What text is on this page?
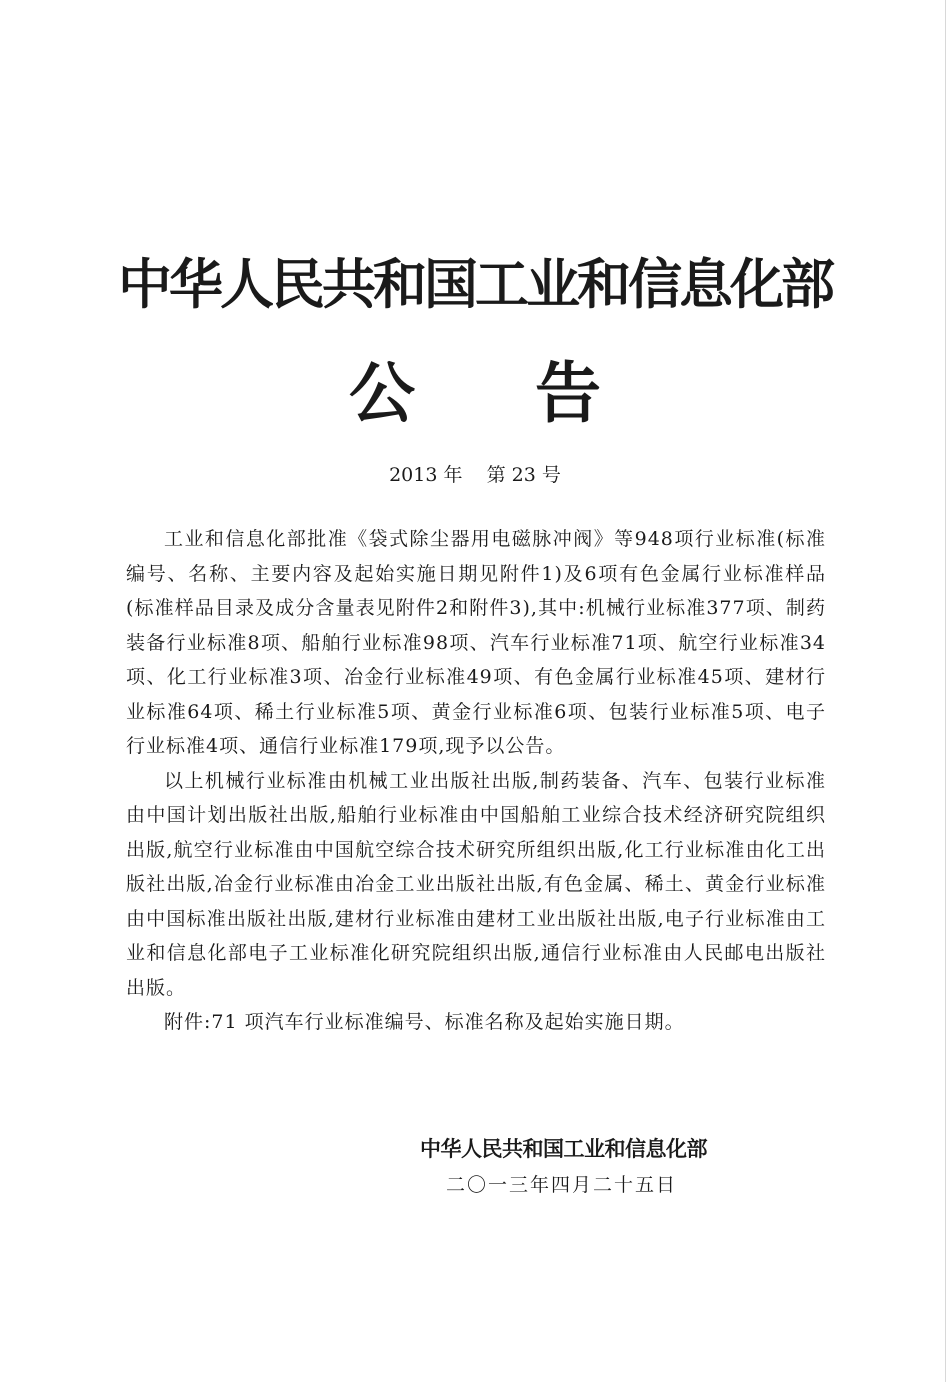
中华人民共和国工业和信息化部
公 告
2013 年    第 23 号

工业和信息化部批准《袋式除尘器用电磁脉冲阀》等948项行业标准(标准编号、名称、主要内容及起始实施日期见附件1)及6项有色金属行业标准样品(标准样品目录及成分含量表见附件2和附件3),其中:机械行业标准377项、制药装备行业标准8项、船舶行业标准98项、汽车行业标准71项、航空行业标准34项、化工行业标准3项、冶金行业标准49项、有色金属行业标准45项、建材行业标准64项、稀土行业标准5项、黄金行业标准6项、包装行业标准5项、电子行业标准4项、通信行业标准179项,现予以公告。

以上机械行业标准由机械工业出版社出版,制药装备、汽车、包装行业标准由中国计划出版社出版,船舶行业标准由中国船舶工业综合技术经济研究院组织出版,航空行业标准由中国航空综合技术研究所组织出版,化工行业标准由化工出版社出版,冶金行业标准由冶金工业出版社出版,有色金属、稀土、黄金行业标准由中国标准出版社出版,建材行业标准由建材工业出版社出版,电子行业标准由工业和信息化部电子工业标准化研究院组织出版,通信行业标准由人民邮电出版社出版。

附件:71 项汽车行业标准编号、标准名称及起始实施日期。

中华人民共和国工业和信息化部
二〇一三年四月二十五日
